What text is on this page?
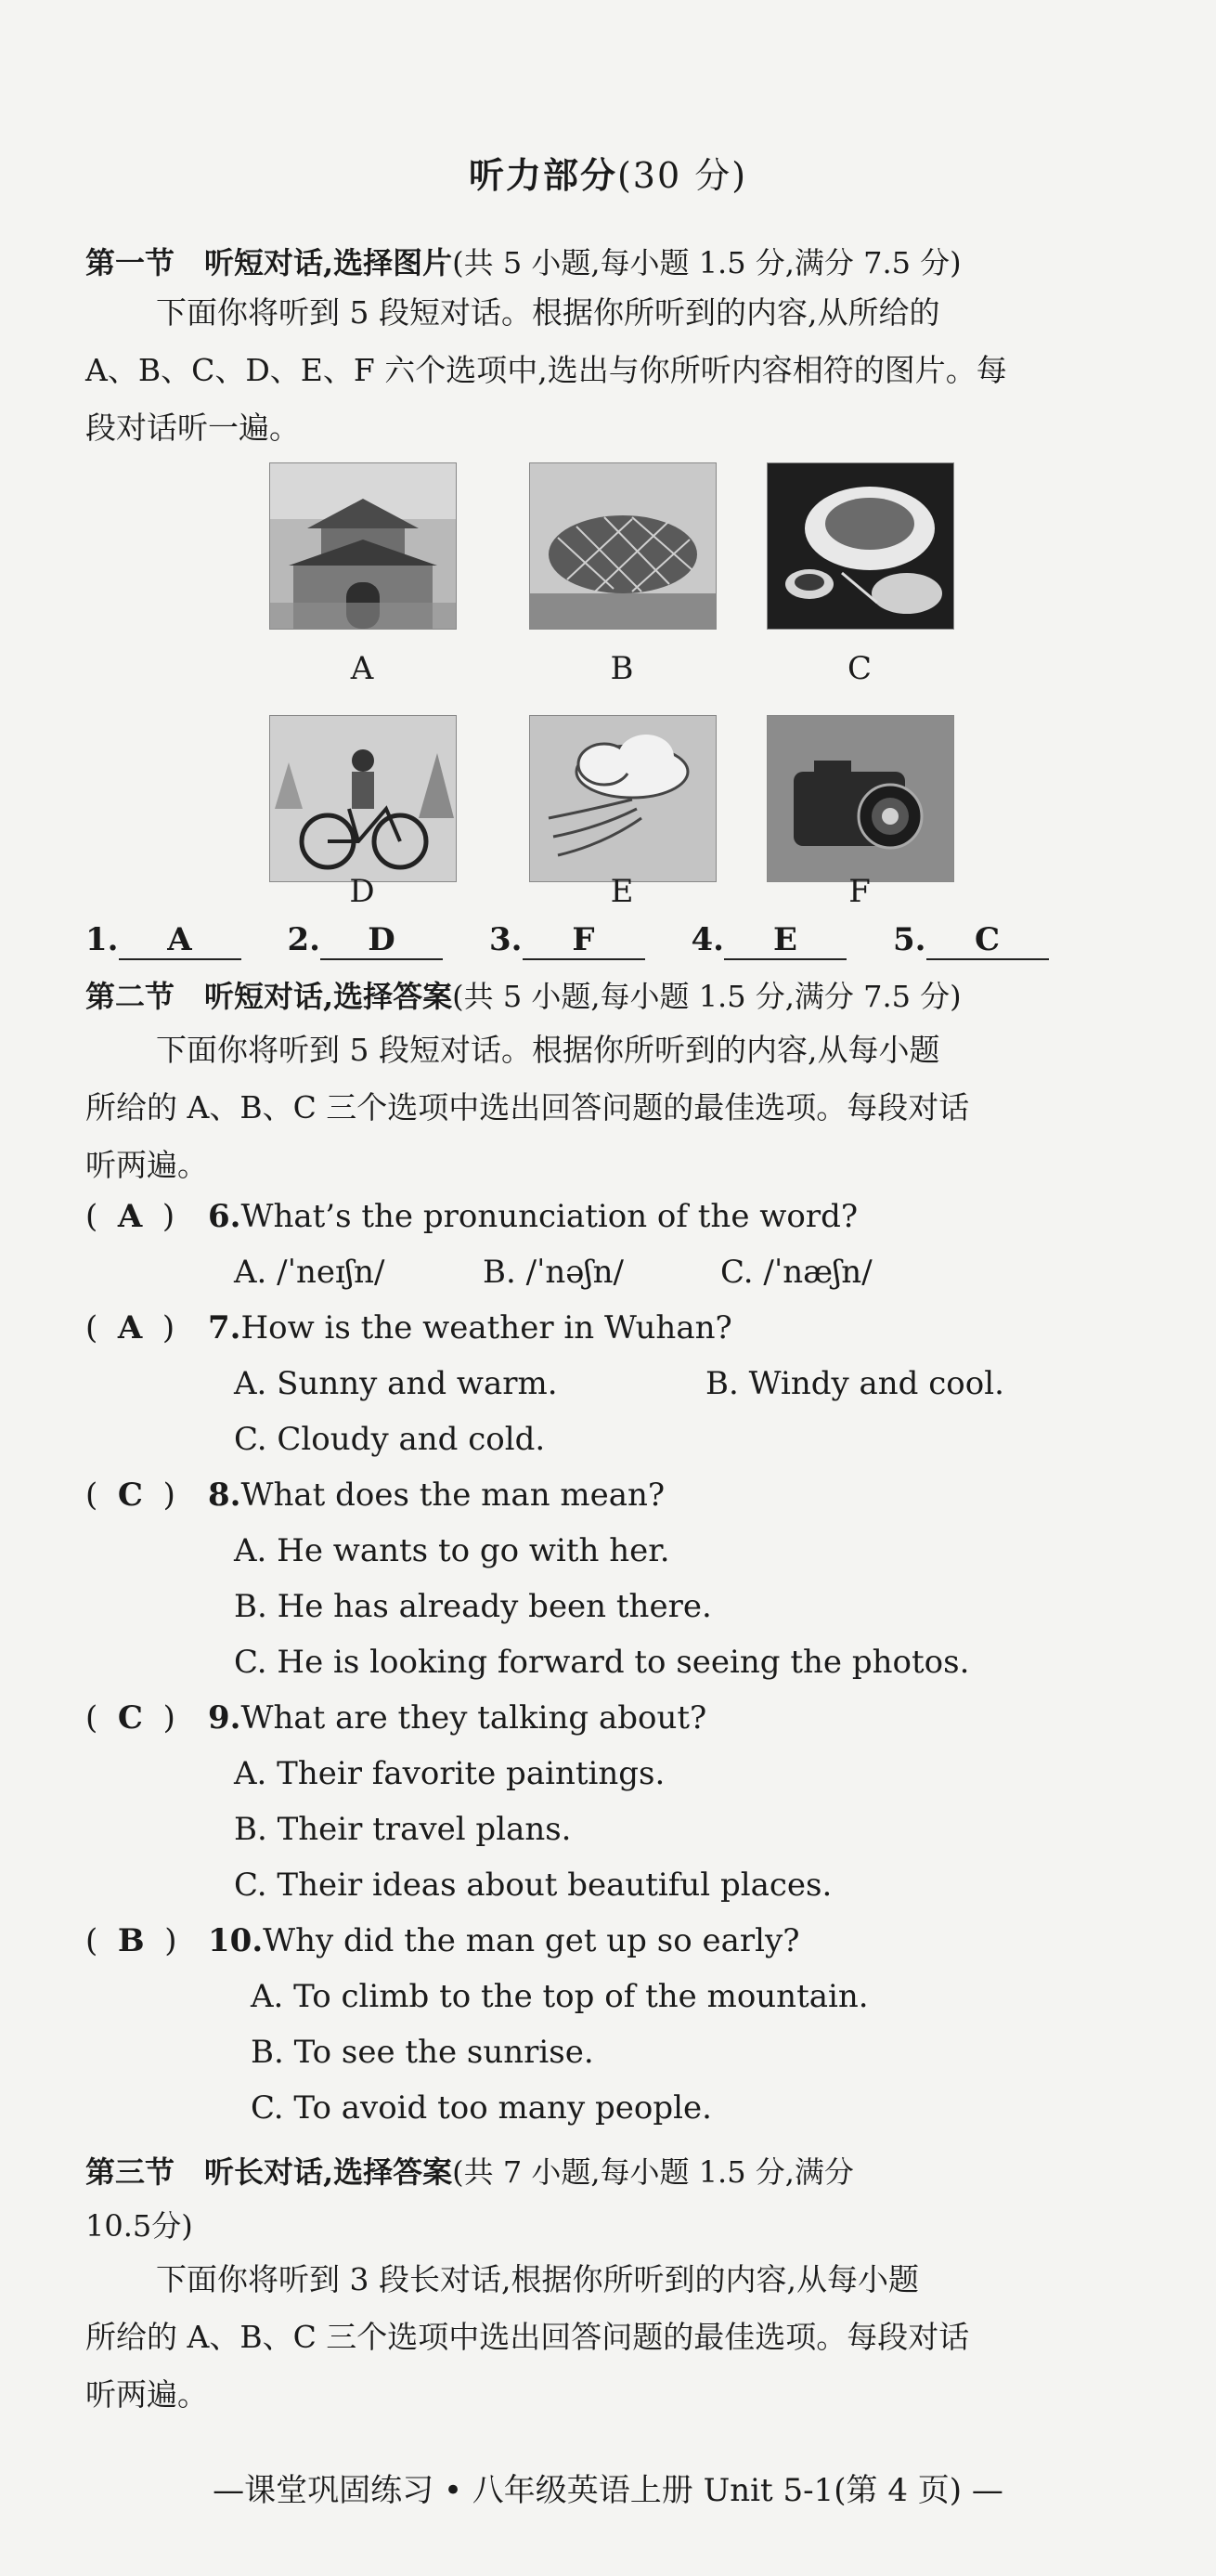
听力部分(30 分)
第一节　听短对话,选择图片(共 5 小题,每小题 1.5 分,满分 7.5 分)
下面你将听到 5 段短对话。根据你所听到的内容,从所给的
A、B、C、D、E、F 六个选项中,选出与你所听内容相符的图片。每
段对话听一遍。
A	B	C
D	E	F
1. A	2. D	3. F	4. E	5. C
第二节　听短对话,选择答案(共 5 小题,每小题 1.5 分,满分 7.5 分)
下面你将听到 5 段短对话。根据你所听到的内容,从每小题
所给的 A、B、C 三个选项中选出回答问题的最佳选项。每段对话
听两遍。
(  A  ) 6.What’s the pronunciation of the word?
A. /ˈneɪʃn/	B. /ˈnəʃn/	C. /ˈnæʃn/
(  A  ) 7.How is the weather in Wuhan?
A. Sunny and warm.	B. Windy and cool.
C. Cloudy and cold.
(  C  ) 8.What does the man mean?
A. He wants to go with her.
B. He has already been there.
C. He is looking forward to seeing the photos.
(  C  ) 9.What are they talking about?
A. Their favorite paintings.
B. Their travel plans.
C. Their ideas about beautiful places.
(  B  ) 10.Why did the man get up so early?
A. To climb to the top of the mountain.
B. To see the sunrise.
C. To avoid too many people.
第三节　听长对话,选择答案(共 7 小题,每小题 1.5 分,满分
10.5分)
下面你将听到 3 段长对话,根据你所听到的内容,从每小题
所给的 A、B、C 三个选项中选出回答问题的最佳选项。每段对话
听两遍。
—课堂巩固练习 • 八年级英语上册 Unit 5-1(第 4 页) —
